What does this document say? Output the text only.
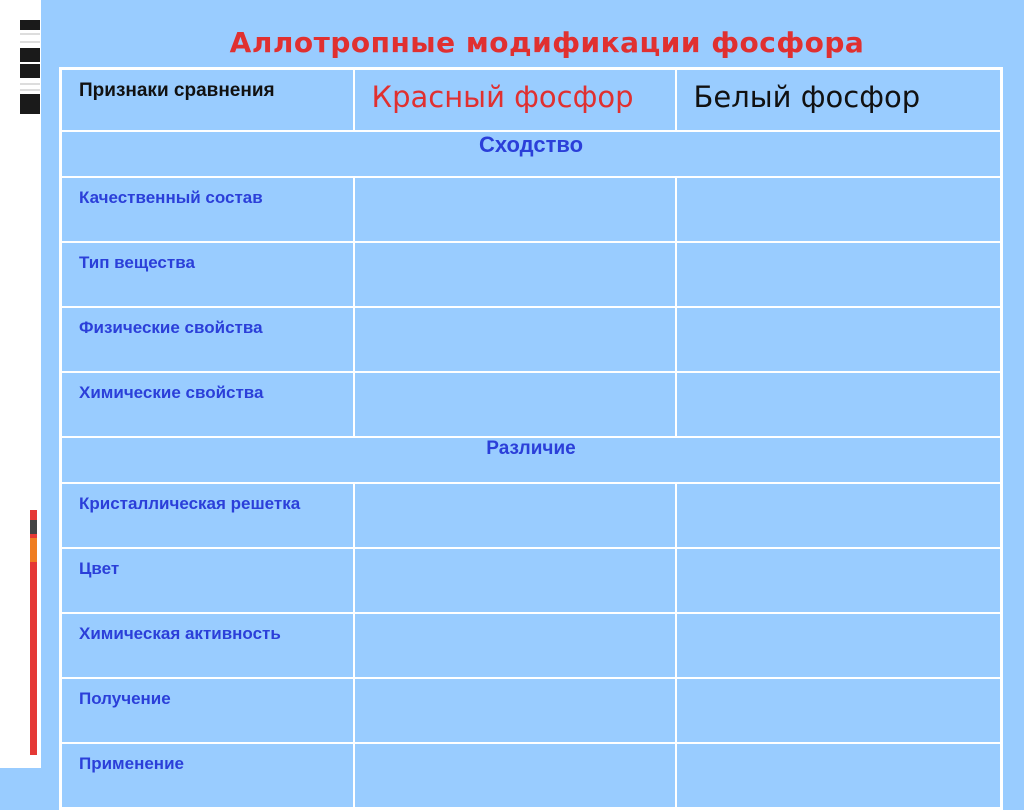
Аллотропные модификации фосфора
Признаки сравнения	Красный фосфор	Белый фосфор
Сходство		
Качественный состав		
Тип вещества		
Физические свойства		
Химические свойства		
Различие		
Кристаллическая решетка		
Цвет		
Химическая активность		
Получение		
Применение		
